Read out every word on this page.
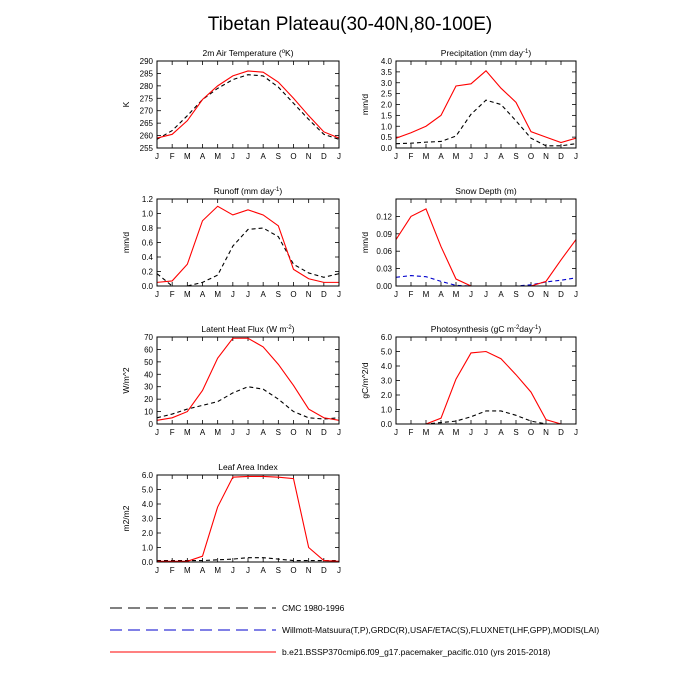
Tibetan Plateau(30-40N,80-100E)
2m Air Temperature ($^o$K)
255
260
265
270
275
280
285
290
J F M A M J J A S O N D J
K
Precipitation (mm day$^{-1}$)
0.0
0.5
1.0
1.5
2.0
2.5
3.0
3.5
4.0
J F M A M J J A S O N D J
mm/d
Runoff (mm day$^{-1}$)
0.0
0.2
0.4
0.6
0.8
1.0
1.2
J F M A M J J A S O N D J
mm/d
Snow Depth (m)
0.00
0.03
0.06
0.09
0.12
J F M A M J J A S O N D J
mm/d
Latent Heat Flux (W $m^{-2}$)
0
10
20
30
40
50
60
70
J F M A M J J A S O N D J
W/m^2
Photosynthesis (gC $m^{-2}day^{-1}$)
0.0
1.0
2.0
3.0
4.0
5.0
6.0
J F M A M J J A S O N D J
gC/m^2/d
Leaf Area Index
0.0
1.0
2.0
3.0
4.0
5.0
6.0
J F M A M J J A S O N D J
m2/m2
CMC 1980-1996
Willmott-Matsuura(T,P),GRDC(R),USAF/ETAC(S),FLUXNET(LHF,GPP),MODIS(LAI)
b.e21.BSSP370cmip6.f09_g17.pacemaker_pacific.010 (yrs 2015-2018)
